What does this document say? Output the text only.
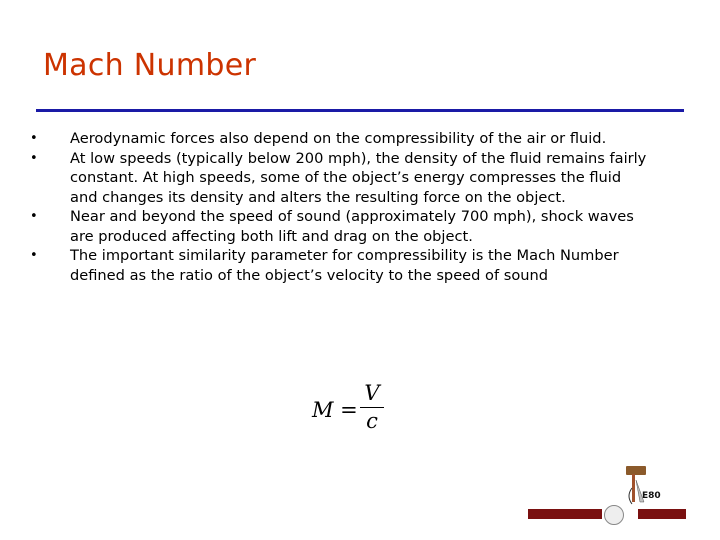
Mach Number
• Aerodynamic forces also depend on the compressibility of the air or fluid.
• At low speeds (typically below 200 mph), the density of the fluid remains fairly constant. At high speeds, some of the object’s energy compresses the fluid and changes its density and alters the resulting force on the object.
• Near and beyond the speed of sound (approximately 700 mph), shock waves are produced affecting both lift and drag on the object.
• The important similarity parameter for compressibility is the Mach Number defined as the ratio of the object’s velocity to the speed of sound
M =
V
c
E80
